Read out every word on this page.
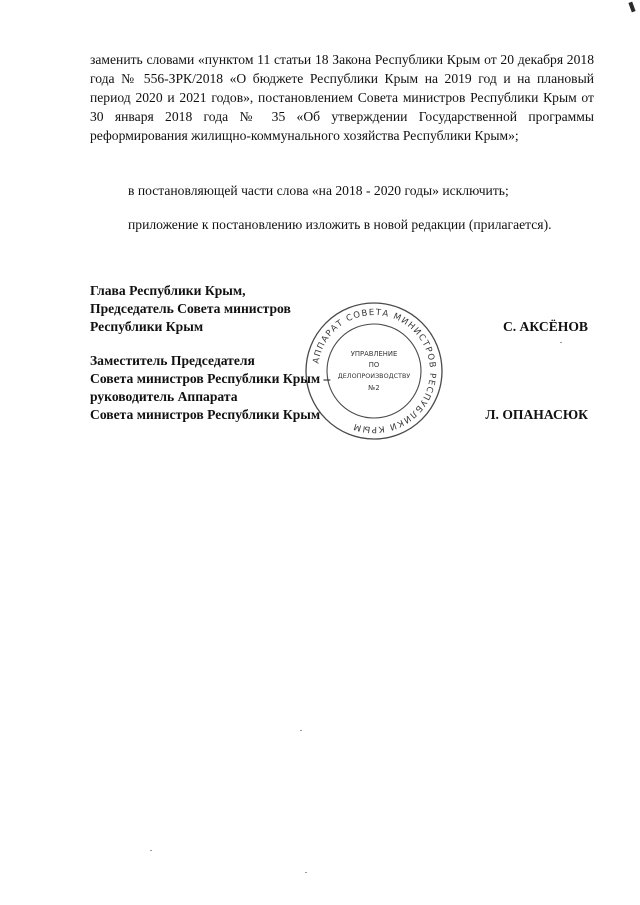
заменить словами «пунктом 11 статьи 18 Закона Республики Крым от 20 декабря 2018 года № 556-ЗРК/2018 «О бюджете Республики Крым на 2019 год и на плановый период 2020 и 2021 годов», постановлением Совета министров Республики Крым от 30 января 2018 года № 35 «Об утверждении Государственной программы реформирования жилищно-коммунального хозяйства Республики Крым»;

в постановляющей части слова «на 2018 - 2020 годы» исключить;

приложение к постановлению изложить в новой редакции (прилагается).

АППАРАТ СОВЕТА МИНИСТРОВ РЕСПУБЛИКИ КРЫМ
УПРАВЛЕНИЕ
ПО
ДЕЛОПРОИЗВОДСТВУ
№2
Глава Республики Крым,
Председатель Совета министров
Республики Крым	С. АКСЁНОВ
Заместитель Председателя
Совета министров Республики Крым –
руководитель Аппарата
Совета министров Республики Крым	Л. ОПАНАСЮК
